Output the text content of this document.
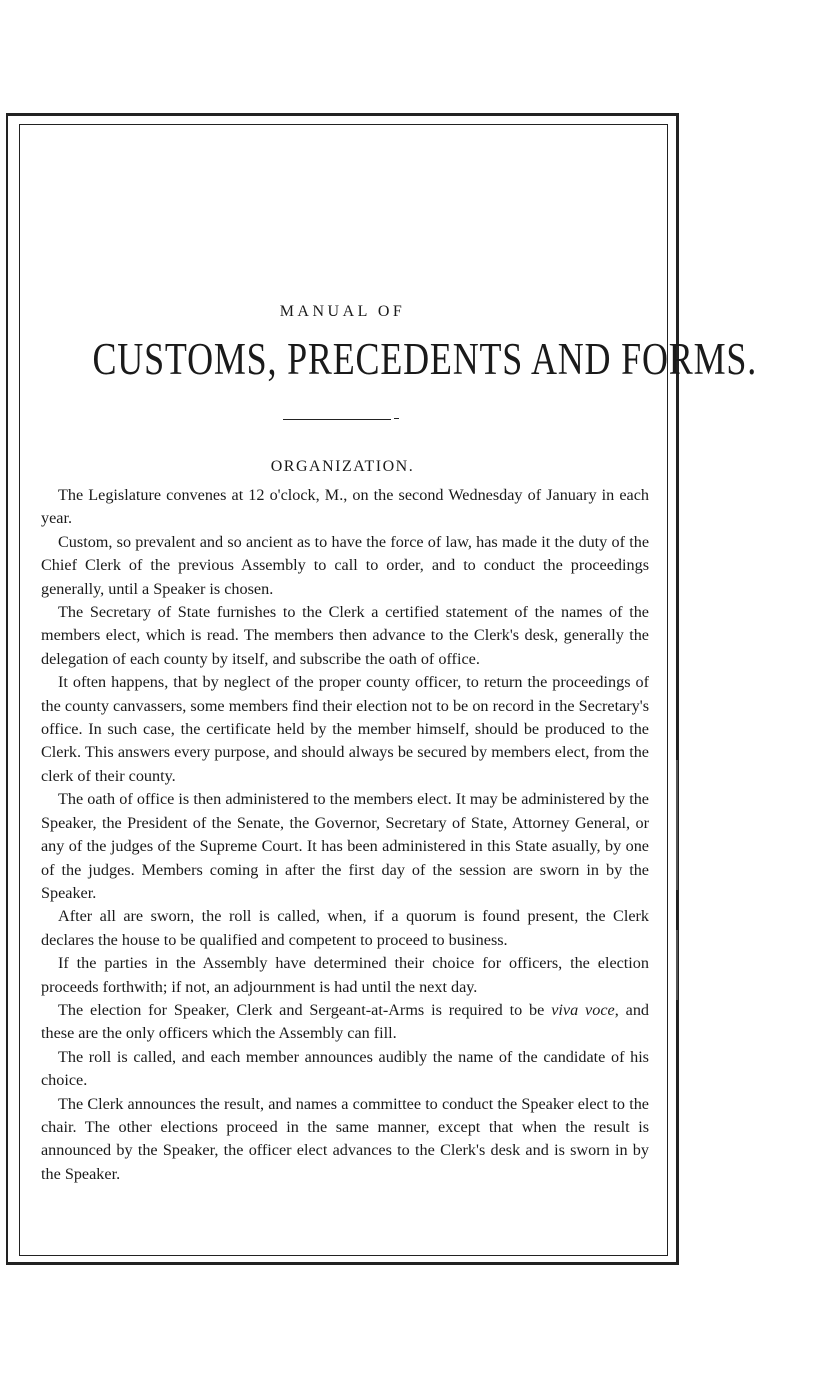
MANUAL OF
CUSTOMS, PRECEDENTS AND FORMS.
ORGANIZATION.

The Legislature convenes at 12 o'clock, M., on the second Wednesday of January in each year.

Custom, so prevalent and so ancient as to have the force of law, has made it the duty of the Chief Clerk of the previous Assembly to call to order, and to conduct the proceedings generally, until a Speaker is chosen.

The Secretary of State furnishes to the Clerk a certified statement of the names of the members elect, which is read. The members then advance to the Clerk's desk, generally the delegation of each county by itself, and subscribe the oath of office.

It often happens, that by neglect of the proper county officer, to return the proceedings of the county canvassers, some members find their election not to be on record in the Secretary's office. In such case, the certificate held by the member himself, should be produced to the Clerk. This answers every purpose, and should always be secured by members elect, from the clerk of their county.

The oath of office is then administered to the members elect. It may be administered by the Speaker, the President of the Senate, the Governor, Secretary of State, Attorney General, or any of the judges of the Supreme Court. It has been administered in this State asually, by one of the judges. Members coming in after the first day of the session are sworn in by the Speaker.

After all are sworn, the roll is called, when, if a quorum is found present, the Clerk declares the house to be qualified and competent to proceed to business.

If the parties in the Assembly have determined their choice for officers, the election proceeds forthwith; if not, an adjournment is had until the next day.

The election for Speaker, Clerk and Sergeant-at-Arms is required to be viva voce, and these are the only officers which the Assembly can fill.

The roll is called, and each member announces audibly the name of the candidate of his choice.

The Clerk announces the result, and names a committee to conduct the Speaker elect to the chair. The other elections proceed in the same manner, except that when the result is announced by the Speaker, the officer elect advances to the Clerk's desk and is sworn in by the Speaker.
